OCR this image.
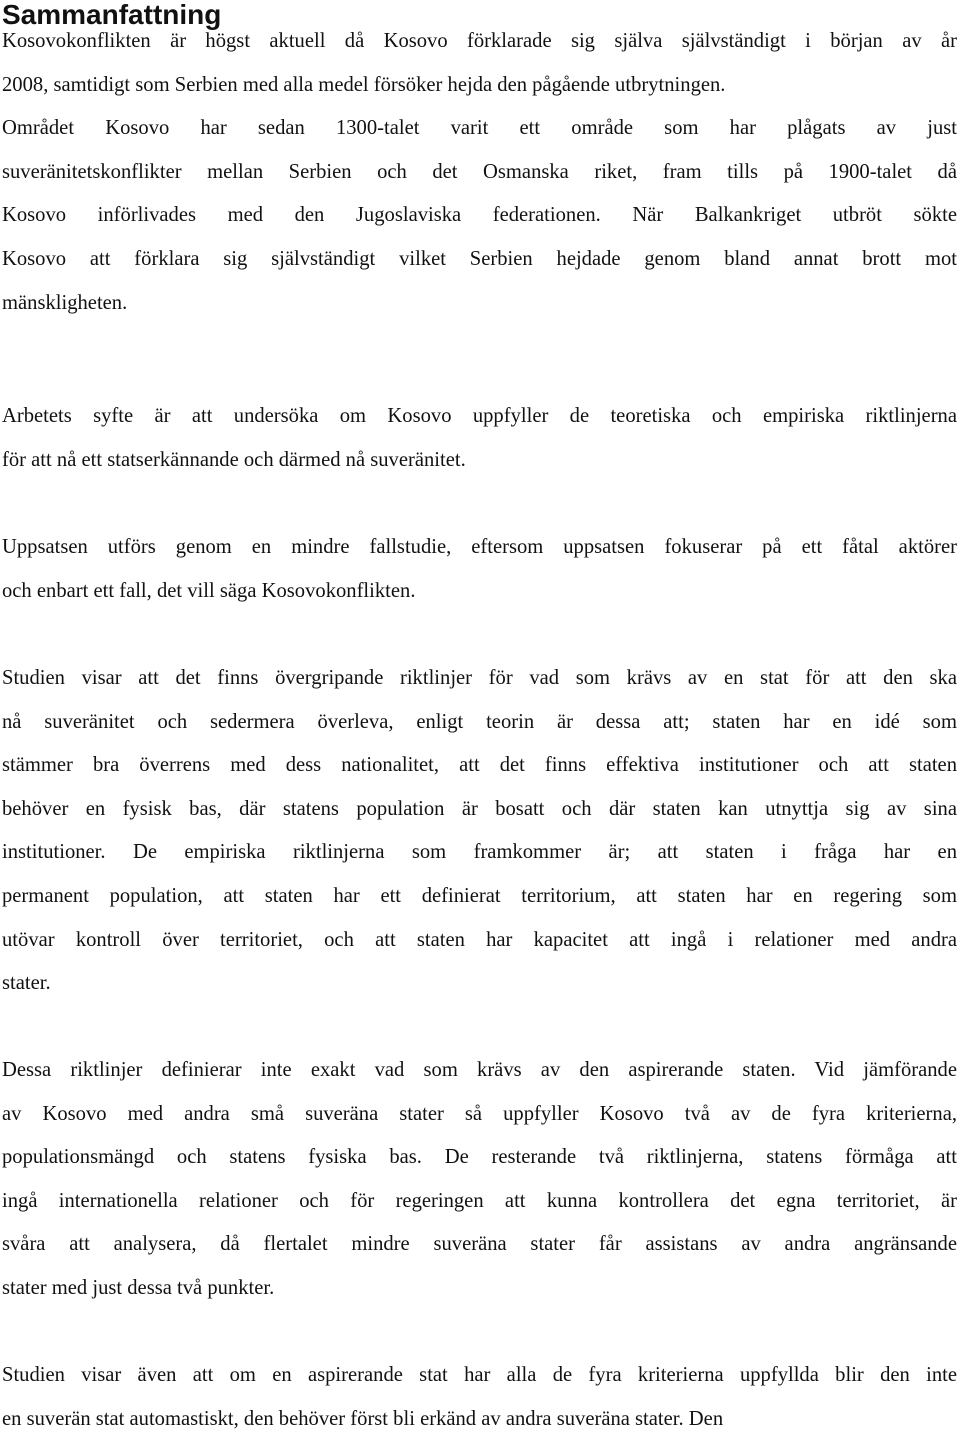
Sammanfattning

Kosovokonflikten är högst aktuell då Kosovo förklarade sig själva självständigt i början av år
2008, samtidigt som Serbien med alla medel försöker hejda den pågående utbrytningen.
Området Kosovo har sedan 1300-talet varit ett område som har plågats av just
suveränitetskonflikter mellan Serbien och det Osmanska riket, fram tills på 1900-talet då
Kosovo införlivades med den Jugoslaviska federationen. När Balkankriget utbröt sökte
Kosovo att förklara sig självständigt vilket Serbien hejdade genom bland annat brott mot
mänskligheten.

Arbetets syfte är att undersöka om Kosovo uppfyller de teoretiska och empiriska riktlinjerna
för att nå ett statserkännande och därmed nå suveränitet.

Uppsatsen utförs genom en mindre fallstudie, eftersom uppsatsen fokuserar på ett fåtal aktörer
och enbart ett fall, det vill säga Kosovokonflikten.

Studien visar att det finns övergripande riktlinjer för vad som krävs av en stat för att den ska
nå suveränitet och sedermera överleva, enligt teorin är dessa att; staten har en idé som
stämmer bra överrens med dess nationalitet, att det finns effektiva institutioner och att staten
behöver en fysisk bas, där statens population är bosatt och där staten kan utnyttja sig av sina
institutioner. De empiriska riktlinjerna som framkommer är; att staten i fråga har en
permanent population, att staten har ett definierat territorium, att staten har en regering som
utövar kontroll över territoriet, och att staten har kapacitet att ingå i relationer med andra
stater.

Dessa riktlinjer definierar inte exakt vad som krävs av den aspirerande staten. Vid jämförande
av Kosovo med andra små suveräna stater så uppfyller Kosovo två av de fyra kriterierna,
populationsmängd och statens fysiska bas. De resterande två riktlinjerna, statens förmåga att
ingå internationella relationer och för regeringen att kunna kontrollera det egna territoriet, är
svåra att analysera, då flertalet mindre suveräna stater får assistans av andra angränsande
stater med just dessa två punkter.

Studien visar även att om en aspirerande stat har alla de fyra kriterierna uppfyllda blir den inte
en suverän stat automastiskt, den behöver först bli erkänd av andra suveräna stater. Den
